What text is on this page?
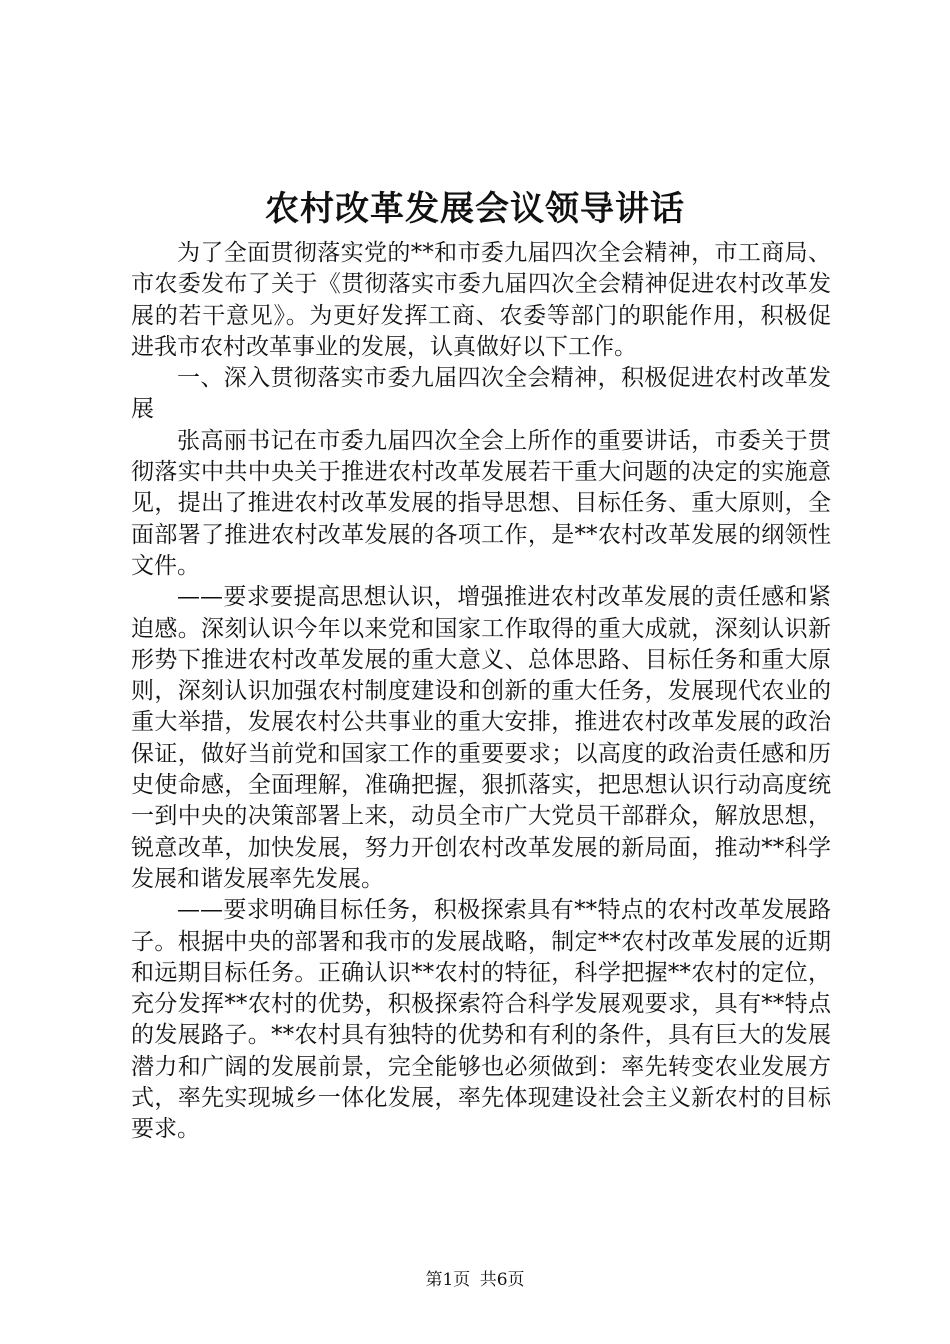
农村改革发展会议领导讲话

为了全面贯彻落实党的**和市委九届四次全会精神，市工商局、市农委发布了关于《贯彻落实市委九届四次全会精神促进农村改革发展的若干意见》。为更好发挥工商、农委等部门的职能作用，积极促进我市农村改革事业的发展，认真做好以下工作。

一、深入贯彻落实市委九届四次全会精神，积极促进农村改革发展

张高丽书记在市委九届四次全会上所作的重要讲话，市委关于贯彻落实中共中央关于推进农村改革发展若干重大问题的决定的实施意见，提出了推进农村改革发展的指导思想、目标任务、重大原则，全面部署了推进农村改革发展的各项工作，是**农村改革发展的纲领性文件。

——要求要提高思想认识，增强推进农村改革发展的责任感和紧迫感。深刻认识今年以来党和国家工作取得的重大成就，深刻认识新形势下推进农村改革发展的重大意义、总体思路、目标任务和重大原则，深刻认识加强农村制度建设和创新的重大任务，发展现代农业的重大举措，发展农村公共事业的重大安排，推进农村改革发展的政治保证，做好当前党和国家工作的重要要求；以高度的政治责任感和历史使命感，全面理解，准确把握，狠抓落实，把思想认识行动高度统一到中央的决策部署上来，动员全市广大党员干部群众，解放思想，锐意改革，加快发展，努力开创农村改革发展的新局面，推动**科学发展和谐发展率先发展。

——要求明确目标任务，积极探索具有**特点的农村改革发展路子。根据中央的部署和我市的发展战略，制定**农村改革发展的近期和远期目标任务。正确认识**农村的特征，科学把握**农村的定位，充分发挥**农村的优势，积极探索符合科学发展观要求，具有**特点的发展路子。**农村具有独特的优势和有利的条件，具有巨大的发展潜力和广阔的发展前景，完全能够也必须做到：率先转变农业发展方式，率先实现城乡一体化发展，率先体现建设社会主义新农村的目标要求。

第1页 共6页
